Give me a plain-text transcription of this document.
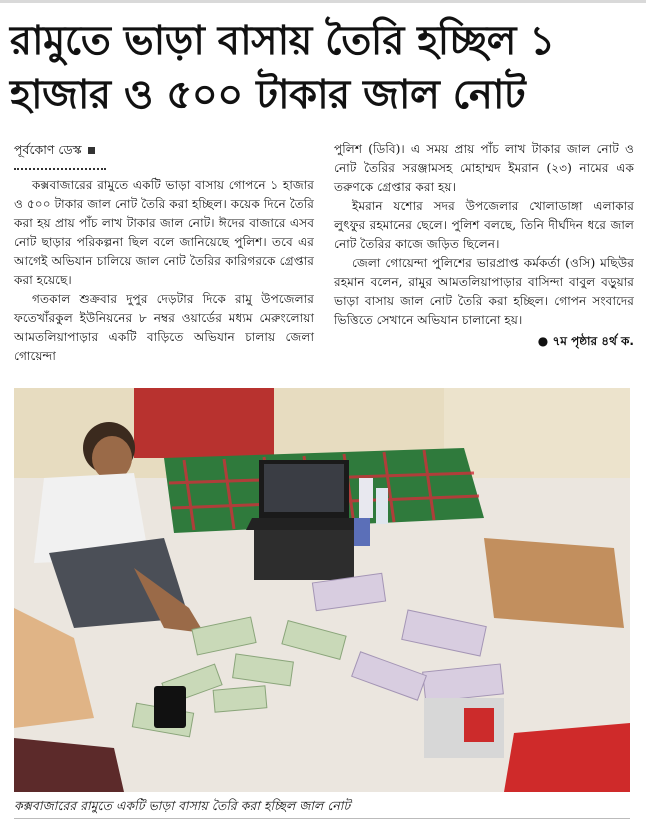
রামুতে ভাড়া বাসায় তৈরি হচ্ছিল ১ হাজার ও ৫০০ টাকার জাল নোট
পূর্বকোণ ডেস্ক

কক্সবাজারের রামুতে একটি ভাড়া বাসায় গোপনে ১ হাজার ও ৫০০ টাকার জাল নোট তৈরি করা হচ্ছিল। কয়েক দিনে তৈরি করা হয় প্রায় পাঁচ লাখ টাকার জাল নোট। ঈদের বাজারে এসব নোট ছাড়ার পরিকল্পনা ছিল বলে জানিয়েছে পুলিশ। তবে এর আগেই অভিযান চালিয়ে জাল নোট তৈরির কারিগরকে গ্রেপ্তার করা হয়েছে।

গতকাল শুক্রবার দুপুর দেড়টার দিকে রামু উপজেলার ফতেখাঁরকুল ইউনিয়নের ৮ নম্বর ওয়ার্ডের মধ্যম মেরুংলোয়া আমতলিয়াপাড়ার একটি বাড়িতে অভিযান চালায় জেলা গোয়েন্দা

পুলিশ (ডিবি)। এ সময় প্রায় পাঁচ লাখ টাকার জাল নোট ও নোট তৈরির সরঞ্জামসহ মোহাম্মদ ইমরান (২৩) নামের এক তরুণকে গ্রেপ্তার করা হয়।

ইমরান যশোর সদর উপজেলার খোলাডাঙ্গা এলাকার লুৎফুর রহমানের ছেলে। পুলিশ বলছে, তিনি দীর্ঘদিন ধরে জাল নোট তৈরির কাজে জড়িত ছিলেন।

জেলা গোয়েন্দা পুলিশের ভারপ্রাপ্ত কর্মকর্তা (ওসি) মছিউর রহমান বলেন, রামুর আমতলিয়াপাড়ার বাসিন্দা বাবুল বড়ুয়ার ভাড়া বাসায় জাল নোট তৈরি করা হচ্ছিল। গোপন সংবাদের ভিত্তিতে সেখানে অভিযান চালানো হয়।

● ৭ম পৃষ্ঠার ৪র্থ ক.
কক্সবাজারের রামুতে একটি ভাড়া বাসায় তৈরি করা হচ্ছিল জাল নোট
